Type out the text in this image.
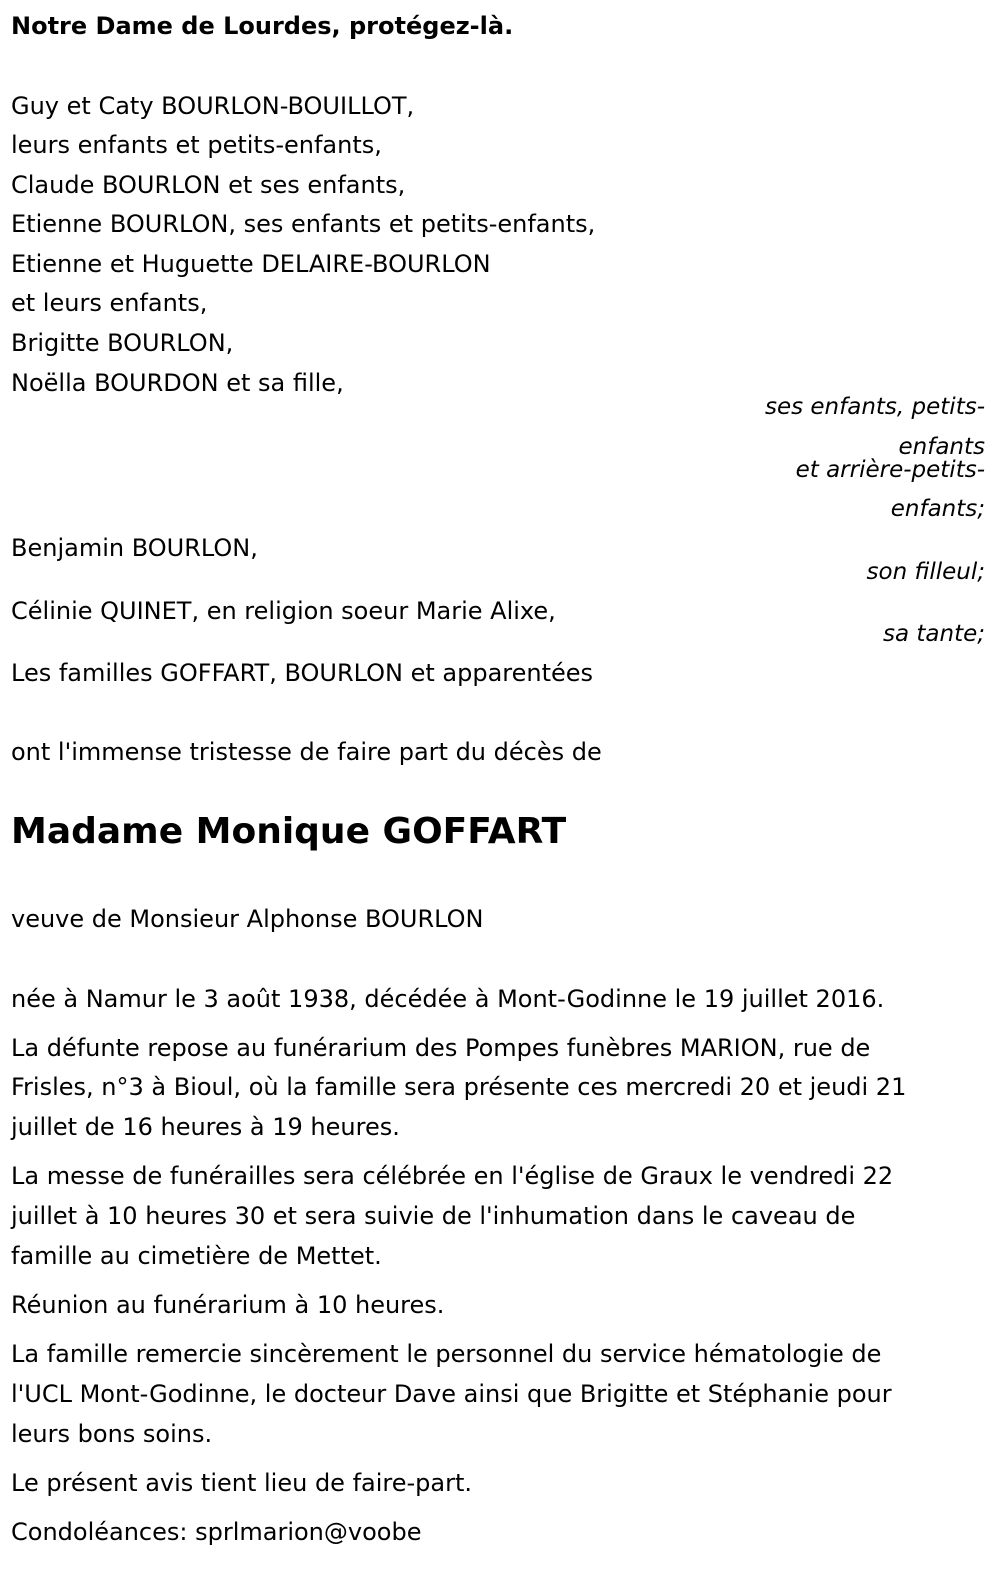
Notre Dame de Lourdes, protégez-là.
Guy et Caty BOURLON-BOUILLOT,
leurs enfants et petits-enfants,
Claude BOURLON et ses enfants,
Etienne BOURLON, ses enfants et petits-enfants,
Etienne et Huguette DELAIRE-BOURLON
et leurs enfants,
Brigitte BOURLON,
Noëlla BOURDON et sa fille,
ses enfants, petits-
enfants
et arrière-petits-
enfants;
Benjamin BOURLON,
son filleul;
Célinie QUINET, en religion soeur Marie Alixe,
sa tante;
Les familles GOFFART, BOURLON et apparentées
ont l'immense tristesse de faire part du décès de
Madame Monique GOFFART
veuve de Monsieur Alphonse BOURLON
née à Namur le 3 août 1938, décédée à Mont-Godinne le 19 juillet 2016.
La défunte repose au funérarium des Pompes funèbres MARION, rue de
Frisles, n°3 à Bioul, où la famille sera présente ces mercredi 20 et jeudi 21
juillet de 16 heures à 19 heures.
La messe de funérailles sera célébrée en l'église de Graux le vendredi 22
juillet à 10 heures 30 et sera suivie de l'inhumation dans le caveau de
famille au cimetière de Mettet.
Réunion au funérarium à 10 heures.
La famille remercie sincèrement le personnel du service hématologie de
l'UCL Mont-Godinne, le docteur Dave ainsi que Brigitte et Stéphanie pour
leurs bons soins.
Le présent avis tient lieu de faire-part.
Condoléances: sprlmarion@voobe
